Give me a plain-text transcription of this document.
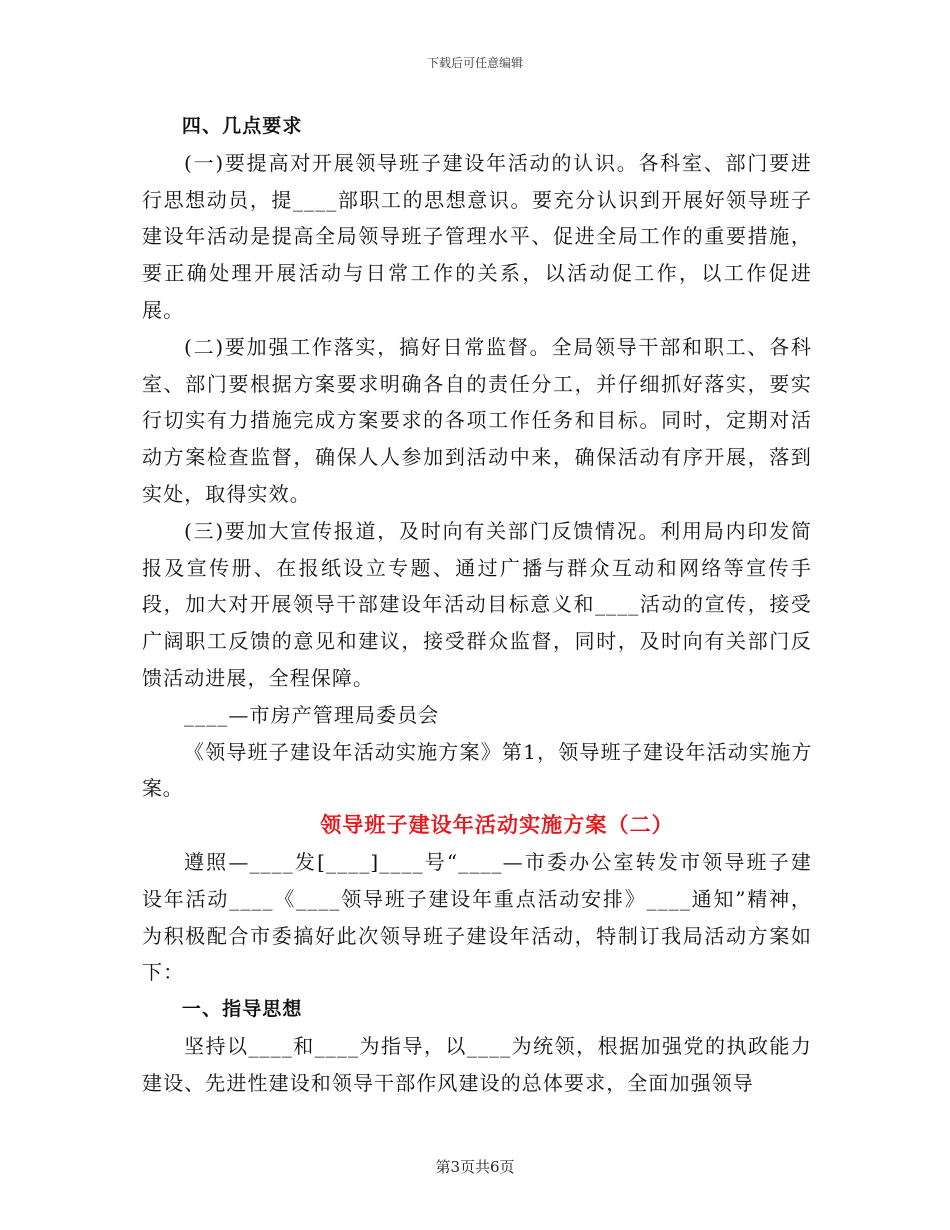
下载后可任意编辑

四、几点要求

(一)要提高对开展领导班子建设年活动的认识。各科室、部门要进行思想动员，提____部职工的思想意识。要充分认识到开展好领导班子建设年活动是提高全局领导班子管理水平、促进全局工作的重要措施，要正确处理开展活动与日常工作的关系，以活动促工作，以工作促进展。

(二)要加强工作落实，搞好日常监督。全局领导干部和职工、各科室、部门要根据方案要求明确各自的责任分工，并仔细抓好落实，要实行切实有力措施完成方案要求的各项工作任务和目标。同时，定期对活动方案检查监督，确保人人参加到活动中来，确保活动有序开展，落到实处，取得实效。

(三)要加大宣传报道，及时向有关部门反馈情况。利用局内印发简报及宣传册、在报纸设立专题、通过广播与群众互动和网络等宣传手段，加大对开展领导干部建设年活动目标意义和____活动的宣传，接受广阔职工反馈的意见和建议，接受群众监督，同时，及时向有关部门反馈活动进展，全程保障。

____—市房产管理局委员会

《领导班子建设年活动实施方案》第1，领导班子建设年活动实施方案。

领导班子建设年活动实施方案（二）

遵照—____发[____]____号“____—市委办公室转发市领导班子建设年活动____《____领导班子建设年重点活动安排》____通知”精神，为积极配合市委搞好此次领导班子建设年活动，特制订我局活动方案如下：

一、指导思想

坚持以____和____为指导，以____为统领，根据加强党的执政能力建设、先进性建设和领导干部作风建设的总体要求，全面加强领导

第3页共6页
